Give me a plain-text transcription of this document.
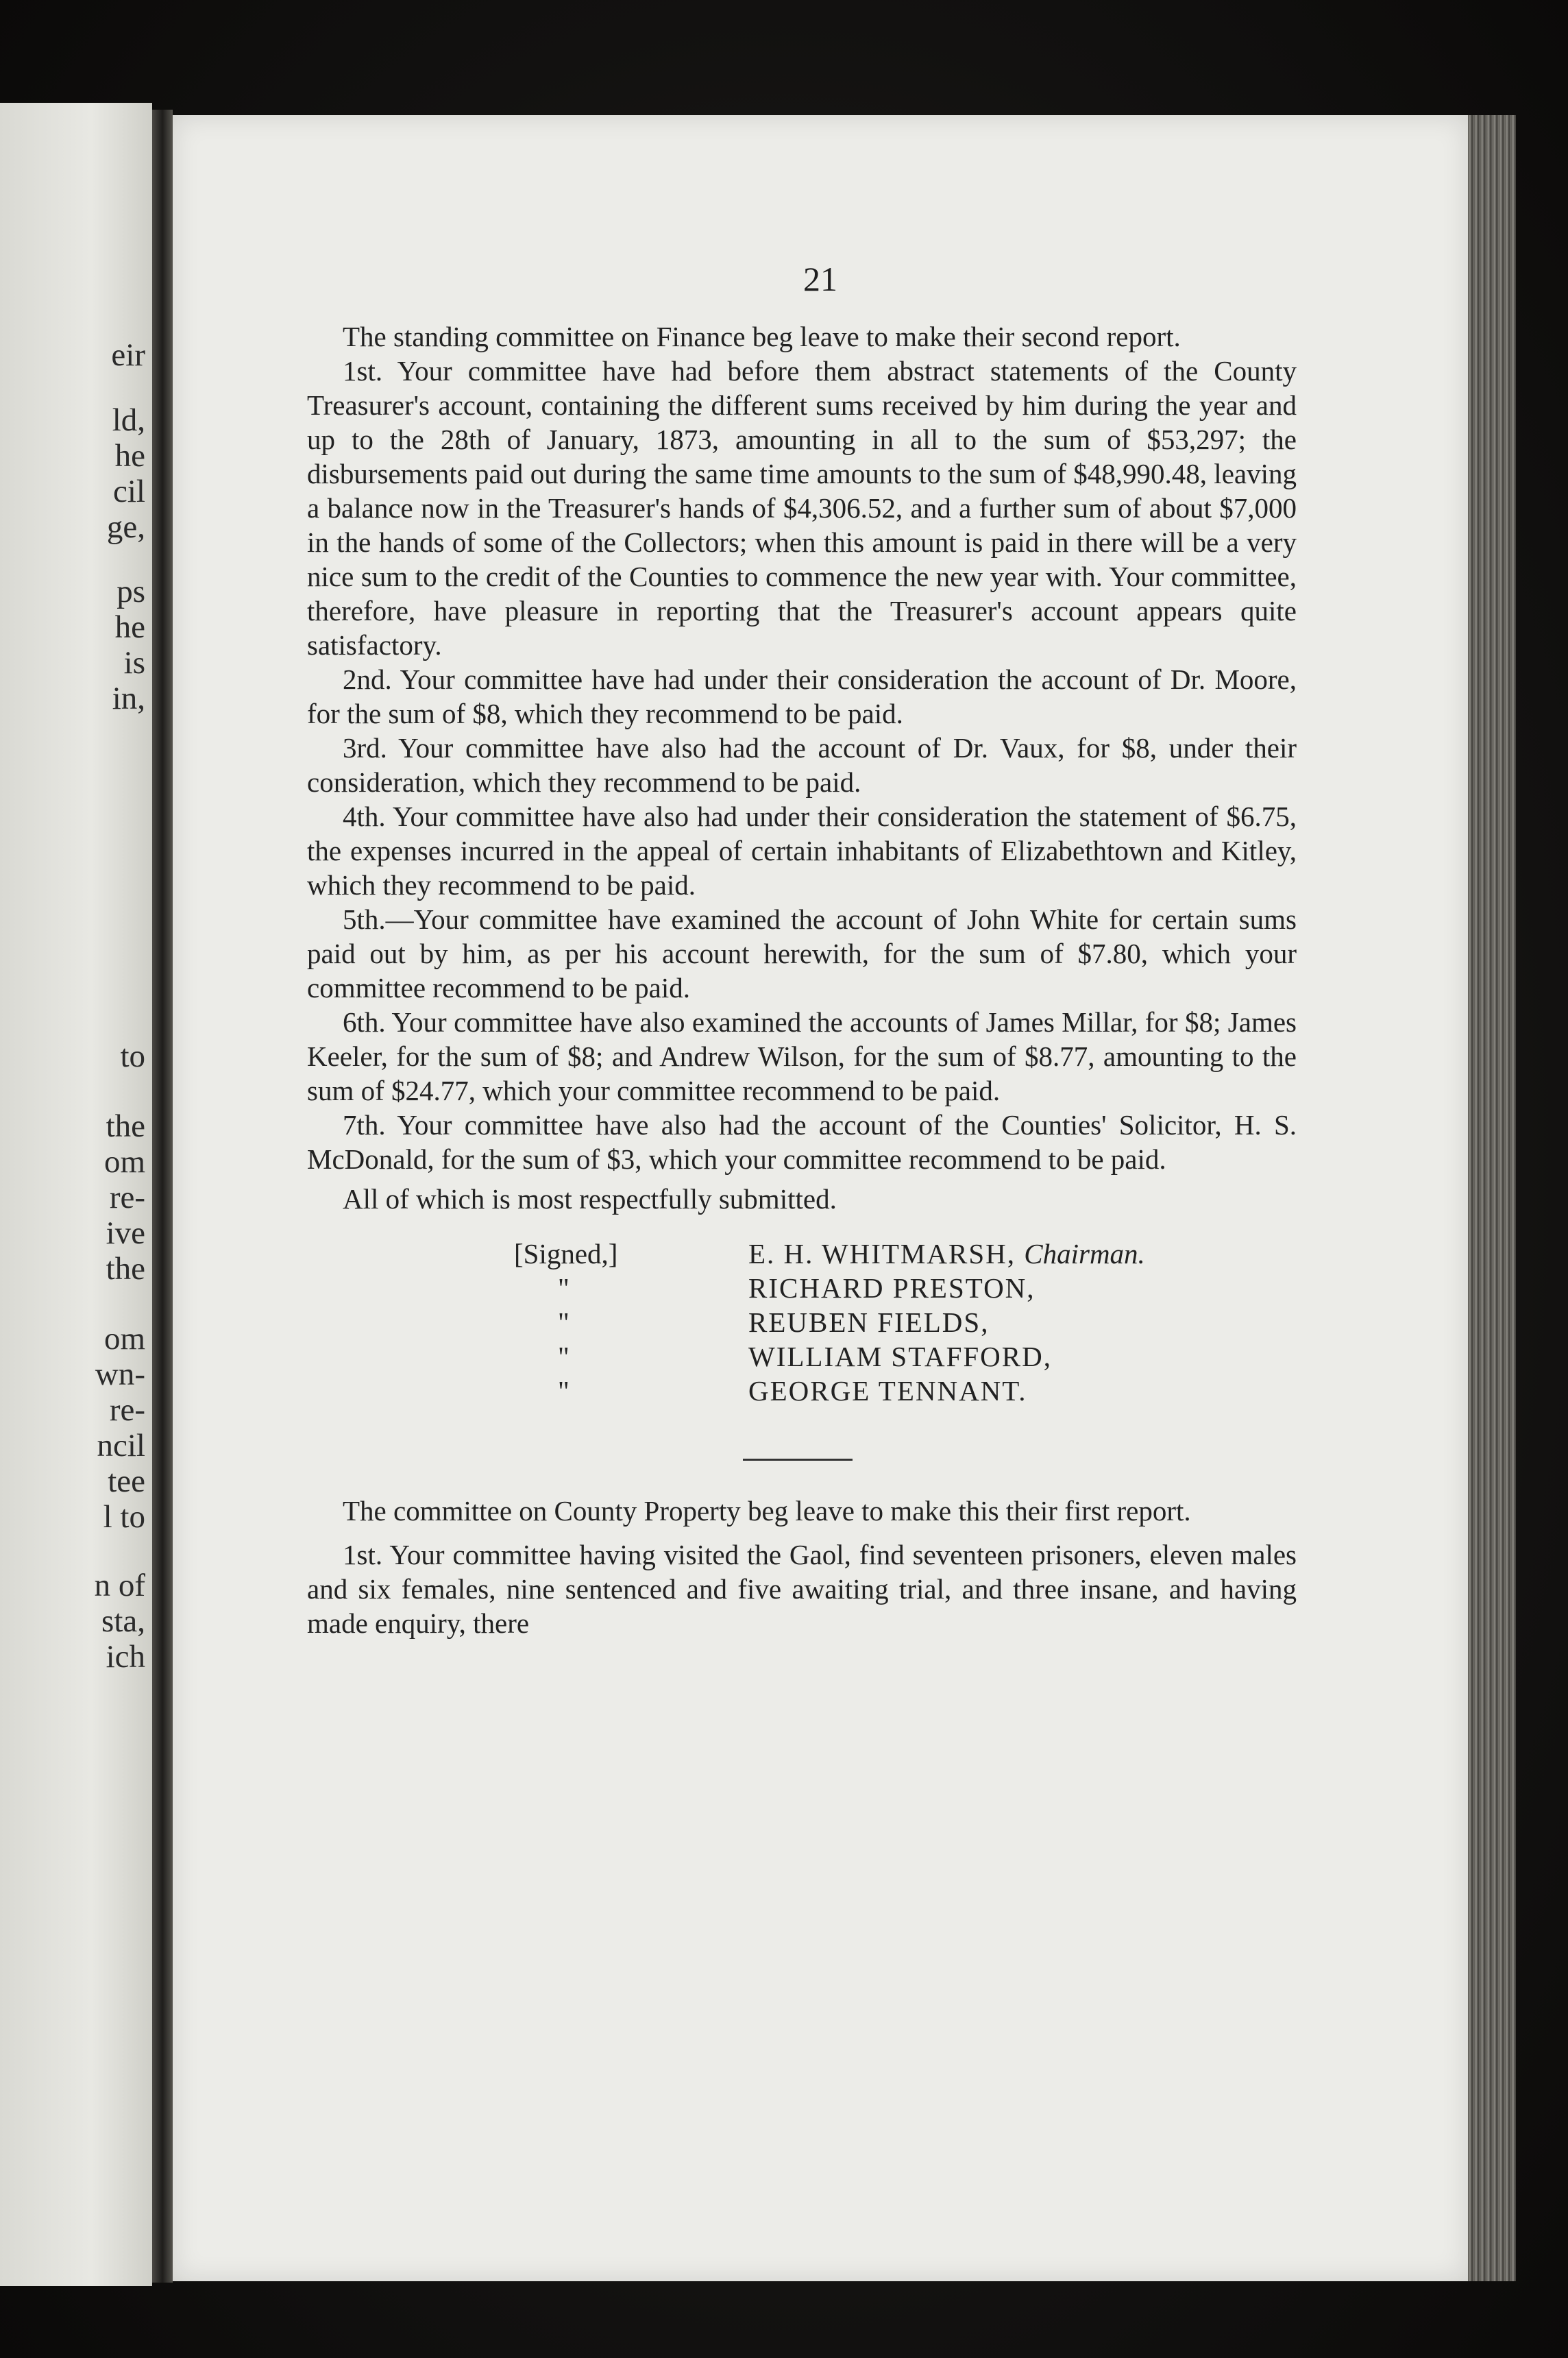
eir
ld,
he
cil
ge,
ps
he
is
in,
to
the
om
re-
ive
the
om
wn-
re-
ncil
tee
l to
n of
sta,
ich
21

The standing committee on Finance beg leave to make their second report.

1st. Your committee have had before them abstract statements of the County Treasurer's account, containing the different sums received by him during the year and up to the 28th of January, 1873, amounting in all to the sum of $53,297; the disbursements paid out during the same time amounts to the sum of $48,990.48, leaving a balance now in the Treasurer's hands of $4,306.52, and a further sum of about $7,000 in the hands of some of the Collectors; when this amount is paid in there will be a very nice sum to the credit of the Counties to commence the new year with. Your committee, therefore, have pleasure in reporting that the Treasurer's account appears quite satisfactory.

2nd. Your committee have had under their consideration the account of Dr. Moore, for the sum of $8, which they recommend to be paid.

3rd. Your committee have also had the account of Dr. Vaux, for $8, under their consideration, which they recommend to be paid.

4th. Your committee have also had under their consideration the statement of $6.75, the expenses incurred in the appeal of certain inhabitants of Elizabethtown and Kitley, which they recommend to be paid.

5th.—Your committee have examined the account of John White for certain sums paid out by him, as per his account herewith, for the sum of $7.80, which your committee recommend to be paid.

6th. Your committee have also examined the accounts of James Millar, for $8; James Keeler, for the sum of $8; and Andrew Wilson, for the sum of $8.77, amounting to the sum of $24.77, which your committee recommend to be paid.

7th. Your committee have also had the account of the Counties' Solicitor, H. S. McDonald, for the sum of $3, which your committee recommend to be paid.

All of which is most respectfully submitted.

[Signed,]	E. H. WHITMARSH, Chairman.
"	RICHARD PRESTON,
"	REUBEN FIELDS,
"	WILLIAM STAFFORD,
"	GEORGE TENNANT.

The committee on County Property beg leave to make this their first report.

1st. Your committee having visited the Gaol, find seventeen prisoners, eleven males and six females, nine sentenced and five awaiting trial, and three insane, and having made enquiry, there
